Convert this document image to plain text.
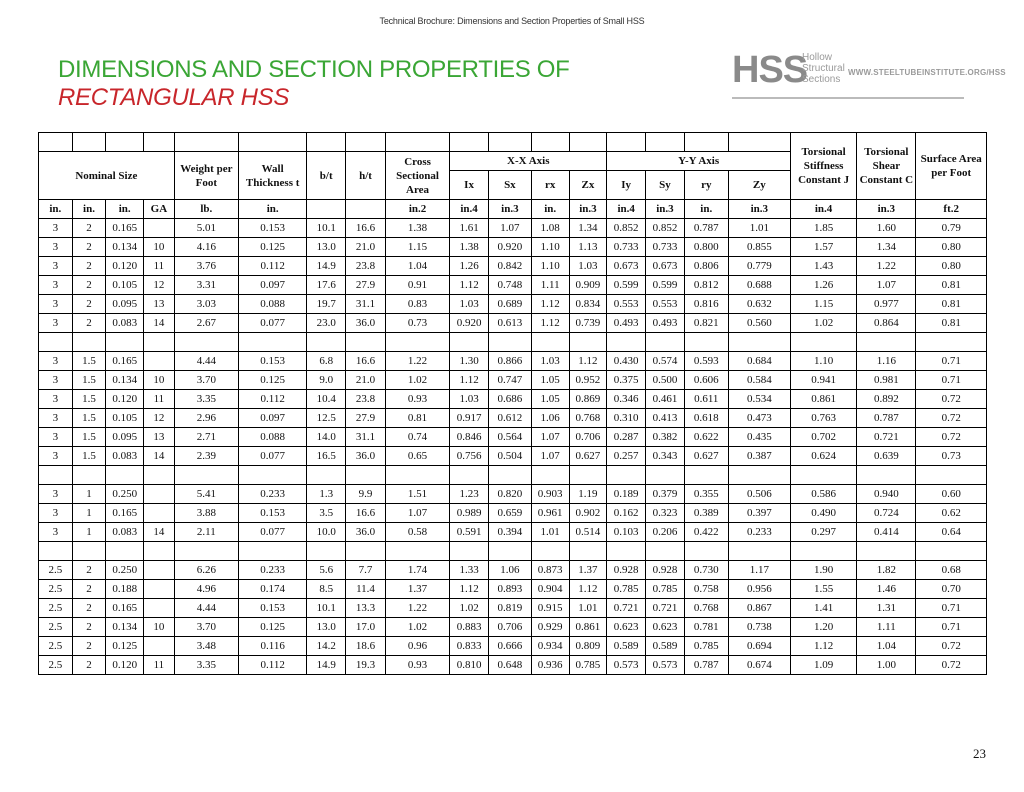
Technical Brochure: Dimensions and Section Properties of Small HSS
DIMENSIONS AND SECTION PROPERTIES OF
RECTANGULAR HSS
HSS
Hollow
Structural
Sections
WWW.STEELTUBEINSTITUTE.ORG/HSS
																	Torsional Stiffness Constant J	Torsional Shear Constant C	Surface Area per Foot
Nominal Size				Weight per Foot	Wall Thickness t	b/t	h/t	Cross Sectional Area	X-X Axis				Y-Y Axis						
									Ix	Sx	rx	Zx	Iy	Sy	ry	Zy			
in.	in.	in.	GA	lb.	in.			in.2	in.4	in.3	in.	in.3	in.4	in.3	in.	in.3	in.4	in.3	ft.2
3	2	0.165		5.01	0.153	10.1	16.6	1.38	1.61	1.07	1.08	1.34	0.852	0.852	0.787	1.01	1.85	1.60	0.79
3	2	0.134	10	4.16	0.125	13.0	21.0	1.15	1.38	0.920	1.10	1.13	0.733	0.733	0.800	0.855	1.57	1.34	0.80
3	2	0.120	11	3.76	0.112	14.9	23.8	1.04	1.26	0.842	1.10	1.03	0.673	0.673	0.806	0.779	1.43	1.22	0.80
3	2	0.105	12	3.31	0.097	17.6	27.9	0.91	1.12	0.748	1.11	0.909	0.599	0.599	0.812	0.688	1.26	1.07	0.81
3	2	0.095	13	3.03	0.088	19.7	31.1	0.83	1.03	0.689	1.12	0.834	0.553	0.553	0.816	0.632	1.15	0.977	0.81
3	2	0.083	14	2.67	0.077	23.0	36.0	0.73	0.920	0.613	1.12	0.739	0.493	0.493	0.821	0.560	1.02	0.864	0.81

3	1.5	0.165		4.44	0.153	6.8	16.6	1.22	1.30	0.866	1.03	1.12	0.430	0.574	0.593	0.684	1.10	1.16	0.71
3	1.5	0.134	10	3.70	0.125	9.0	21.0	1.02	1.12	0.747	1.05	0.952	0.375	0.500	0.606	0.584	0.941	0.981	0.71
3	1.5	0.120	11	3.35	0.112	10.4	23.8	0.93	1.03	0.686	1.05	0.869	0.346	0.461	0.611	0.534	0.861	0.892	0.72
3	1.5	0.105	12	2.96	0.097	12.5	27.9	0.81	0.917	0.612	1.06	0.768	0.310	0.413	0.618	0.473	0.763	0.787	0.72
3	1.5	0.095	13	2.71	0.088	14.0	31.1	0.74	0.846	0.564	1.07	0.706	0.287	0.382	0.622	0.435	0.702	0.721	0.72
3	1.5	0.083	14	2.39	0.077	16.5	36.0	0.65	0.756	0.504	1.07	0.627	0.257	0.343	0.627	0.387	0.624	0.639	0.73

3	1	0.250		5.41	0.233	1.3	9.9	1.51	1.23	0.820	0.903	1.19	0.189	0.379	0.355	0.506	0.586	0.940	0.60
3	1	0.165		3.88	0.153	3.5	16.6	1.07	0.989	0.659	0.961	0.902	0.162	0.323	0.389	0.397	0.490	0.724	0.62
3	1	0.083	14	2.11	0.077	10.0	36.0	0.58	0.591	0.394	1.01	0.514	0.103	0.206	0.422	0.233	0.297	0.414	0.64

2.5	2	0.250		6.26	0.233	5.6	7.7	1.74	1.33	1.06	0.873	1.37	0.928	0.928	0.730	1.17	1.90	1.82	0.68
2.5	2	0.188		4.96	0.174	8.5	11.4	1.37	1.12	0.893	0.904	1.12	0.785	0.785	0.758	0.956	1.55	1.46	0.70
2.5	2	0.165		4.44	0.153	10.1	13.3	1.22	1.02	0.819	0.915	1.01	0.721	0.721	0.768	0.867	1.41	1.31	0.71
2.5	2	0.134	10	3.70	0.125	13.0	17.0	1.02	0.883	0.706	0.929	0.861	0.623	0.623	0.781	0.738	1.20	1.11	0.71
2.5	2	0.125		3.48	0.116	14.2	18.6	0.96	0.833	0.666	0.934	0.809	0.589	0.589	0.785	0.694	1.12	1.04	0.72
2.5	2	0.120	11	3.35	0.112	14.9	19.3	0.93	0.810	0.648	0.936	0.785	0.573	0.573	0.787	0.674	1.09	1.00	0.72
23
